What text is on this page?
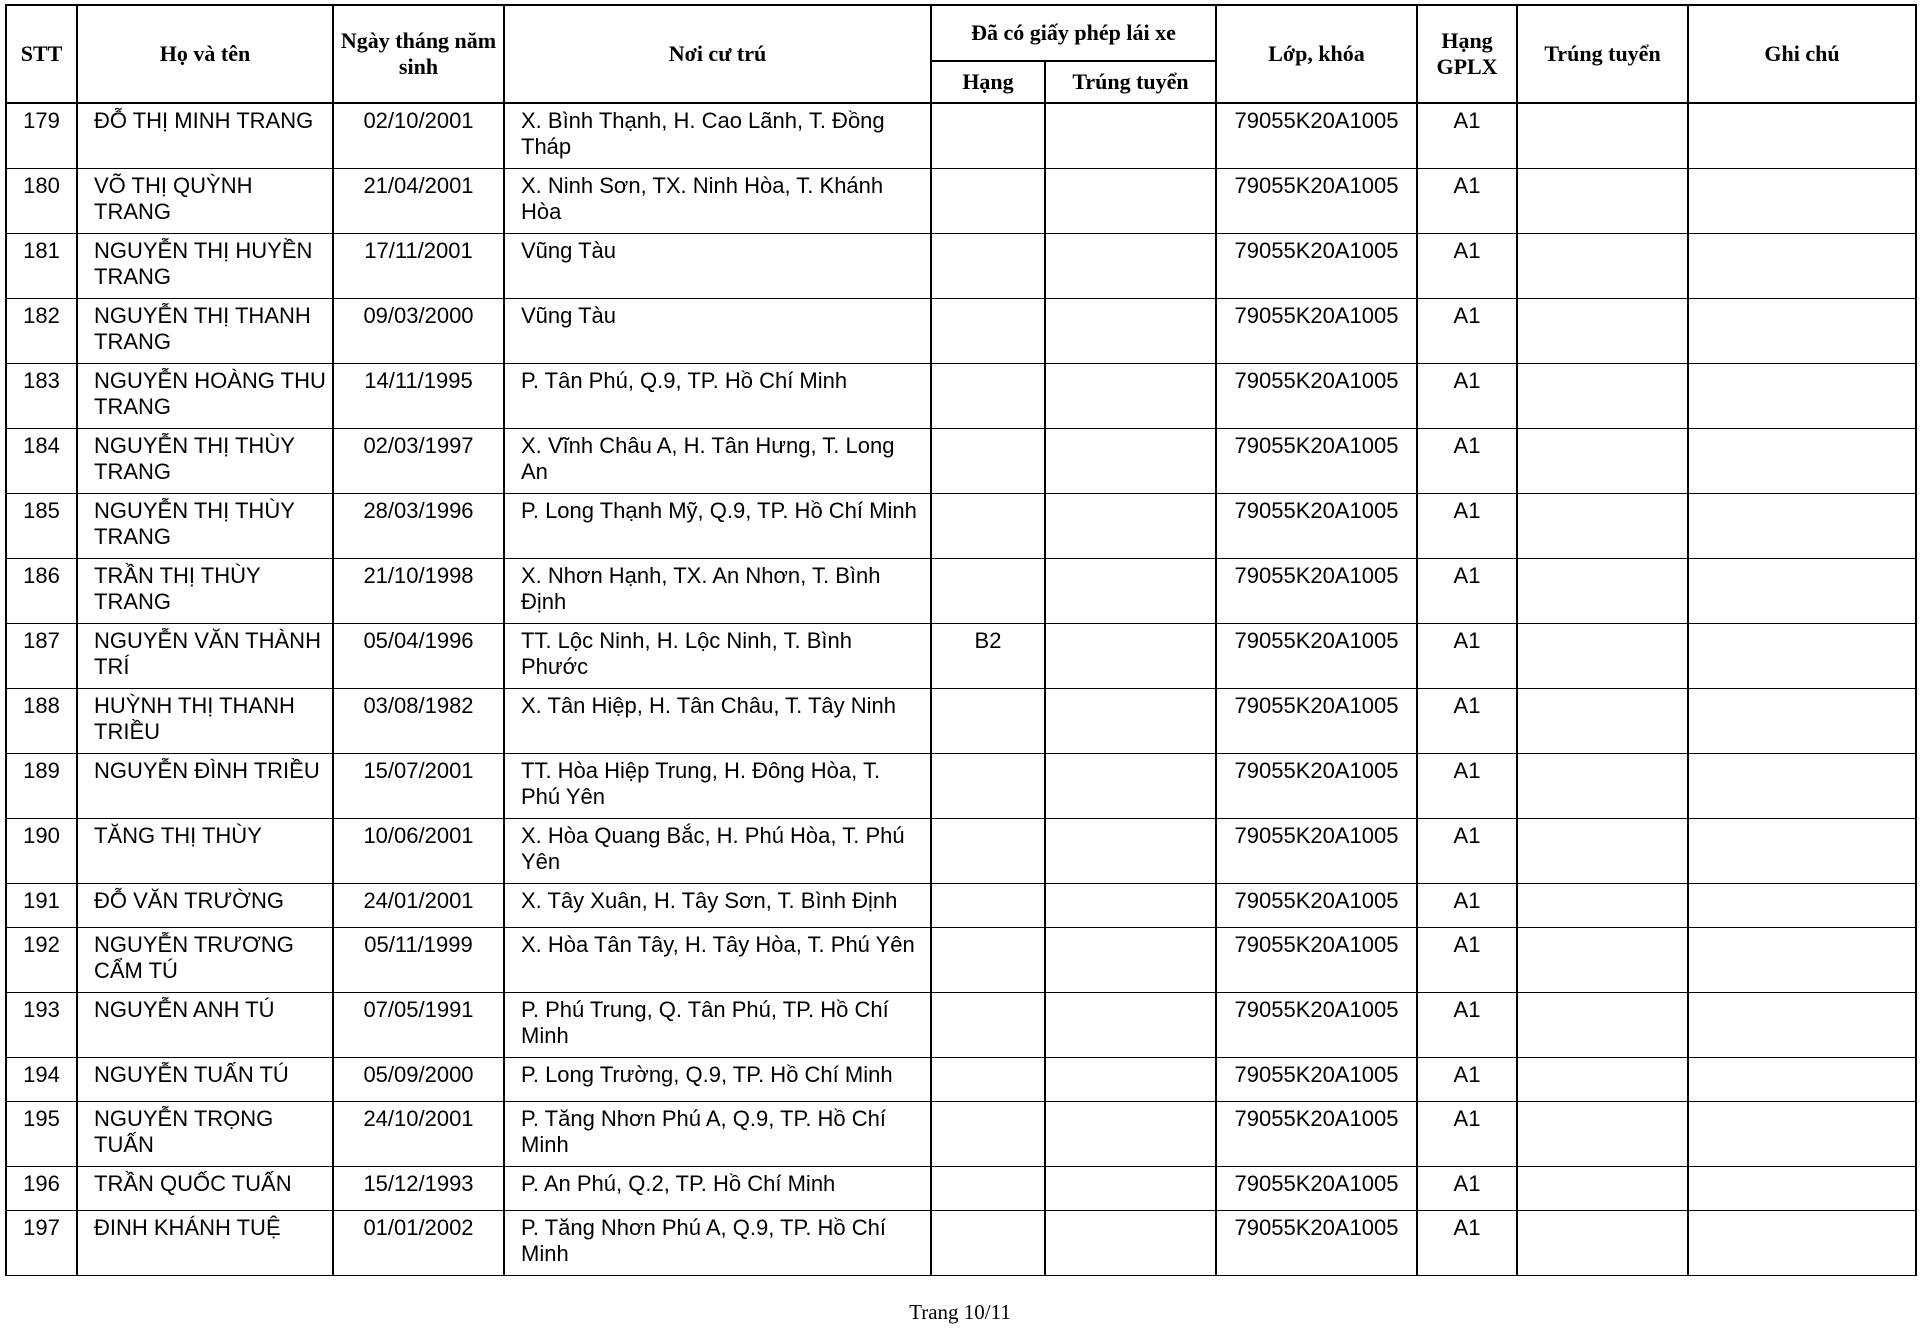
STT	Họ và tên	Ngày tháng năm sinh	Nơi cư trú	Đã có giấy phép lái xe		Lớp, khóa	Hạng GPLX	Trúng tuyển	Ghi chú
				Hạng	Trúng tuyển				
179	ĐỖ THỊ MINH TRANG	02/10/2001	X. Bình Thạnh, H. Cao Lãnh, T. Đồng Tháp			79055K20A1005	A1		
180	VÕ THỊ QUỲNH TRANG	21/04/2001	X. Ninh Sơn, TX. Ninh Hòa, T. Khánh Hòa			79055K20A1005	A1		
181	NGUYỄN THỊ HUYỀN TRANG	17/11/2001	Vũng Tàu			79055K20A1005	A1		
182	NGUYỄN THỊ THANH TRANG	09/03/2000	Vũng Tàu			79055K20A1005	A1		
183	NGUYỄN HOÀNG THU TRANG	14/11/1995	P. Tân Phú, Q.9, TP. Hồ Chí Minh			79055K20A1005	A1		
184	NGUYỄN THỊ THÙY TRANG	02/03/1997	X. Vĩnh Châu A, H. Tân Hưng, T. Long An			79055K20A1005	A1		
185	NGUYỄN THỊ THÙY TRANG	28/03/1996	P. Long Thạnh Mỹ, Q.9, TP. Hồ Chí Minh			79055K20A1005	A1		
186	TRẦN THỊ THÙY TRANG	21/10/1998	X. Nhơn Hạnh, TX. An Nhơn, T. Bình Định			79055K20A1005	A1		
187	NGUYỄN VĂN THÀNH TRÍ	05/04/1996	TT. Lộc Ninh, H. Lộc Ninh, T. Bình Phước	B2		79055K20A1005	A1		
188	HUỲNH THỊ THANH TRIỀU	03/08/1982	X. Tân Hiệp, H. Tân Châu, T. Tây Ninh			79055K20A1005	A1		
189	NGUYỄN ĐÌNH TRIỀU	15/07/2001	TT. Hòa Hiệp Trung, H. Đông Hòa, T. Phú Yên			79055K20A1005	A1		
190	TĂNG THỊ THÙY	10/06/2001	X. Hòa Quang Bắc, H. Phú Hòa, T. Phú Yên			79055K20A1005	A1		
191	ĐỖ VĂN TRƯỜNG	24/01/2001	X. Tây Xuân, H. Tây Sơn, T. Bình Định			79055K20A1005	A1		
192	NGUYỄN TRƯƠNG CẨM TÚ	05/11/1999	X. Hòa Tân Tây, H. Tây Hòa, T. Phú Yên			79055K20A1005	A1		
193	NGUYỄN ANH TÚ	07/05/1991	P. Phú Trung, Q. Tân Phú, TP. Hồ Chí Minh			79055K20A1005	A1		
194	NGUYỄN TUẤN TÚ	05/09/2000	P. Long Trường, Q.9, TP. Hồ Chí Minh			79055K20A1005	A1		
195	NGUYỄN TRỌNG TUẤN	24/10/2001	P. Tăng Nhơn Phú A, Q.9, TP. Hồ Chí Minh			79055K20A1005	A1		
196	TRẦN QUỐC TUẤN	15/12/1993	P. An Phú, Q.2, TP. Hồ Chí Minh			79055K20A1005	A1		
197	ĐINH KHÁNH TUỆ	01/01/2002	P. Tăng Nhơn Phú A, Q.9, TP. Hồ Chí Minh			79055K20A1005	A1		
Trang 10/11
